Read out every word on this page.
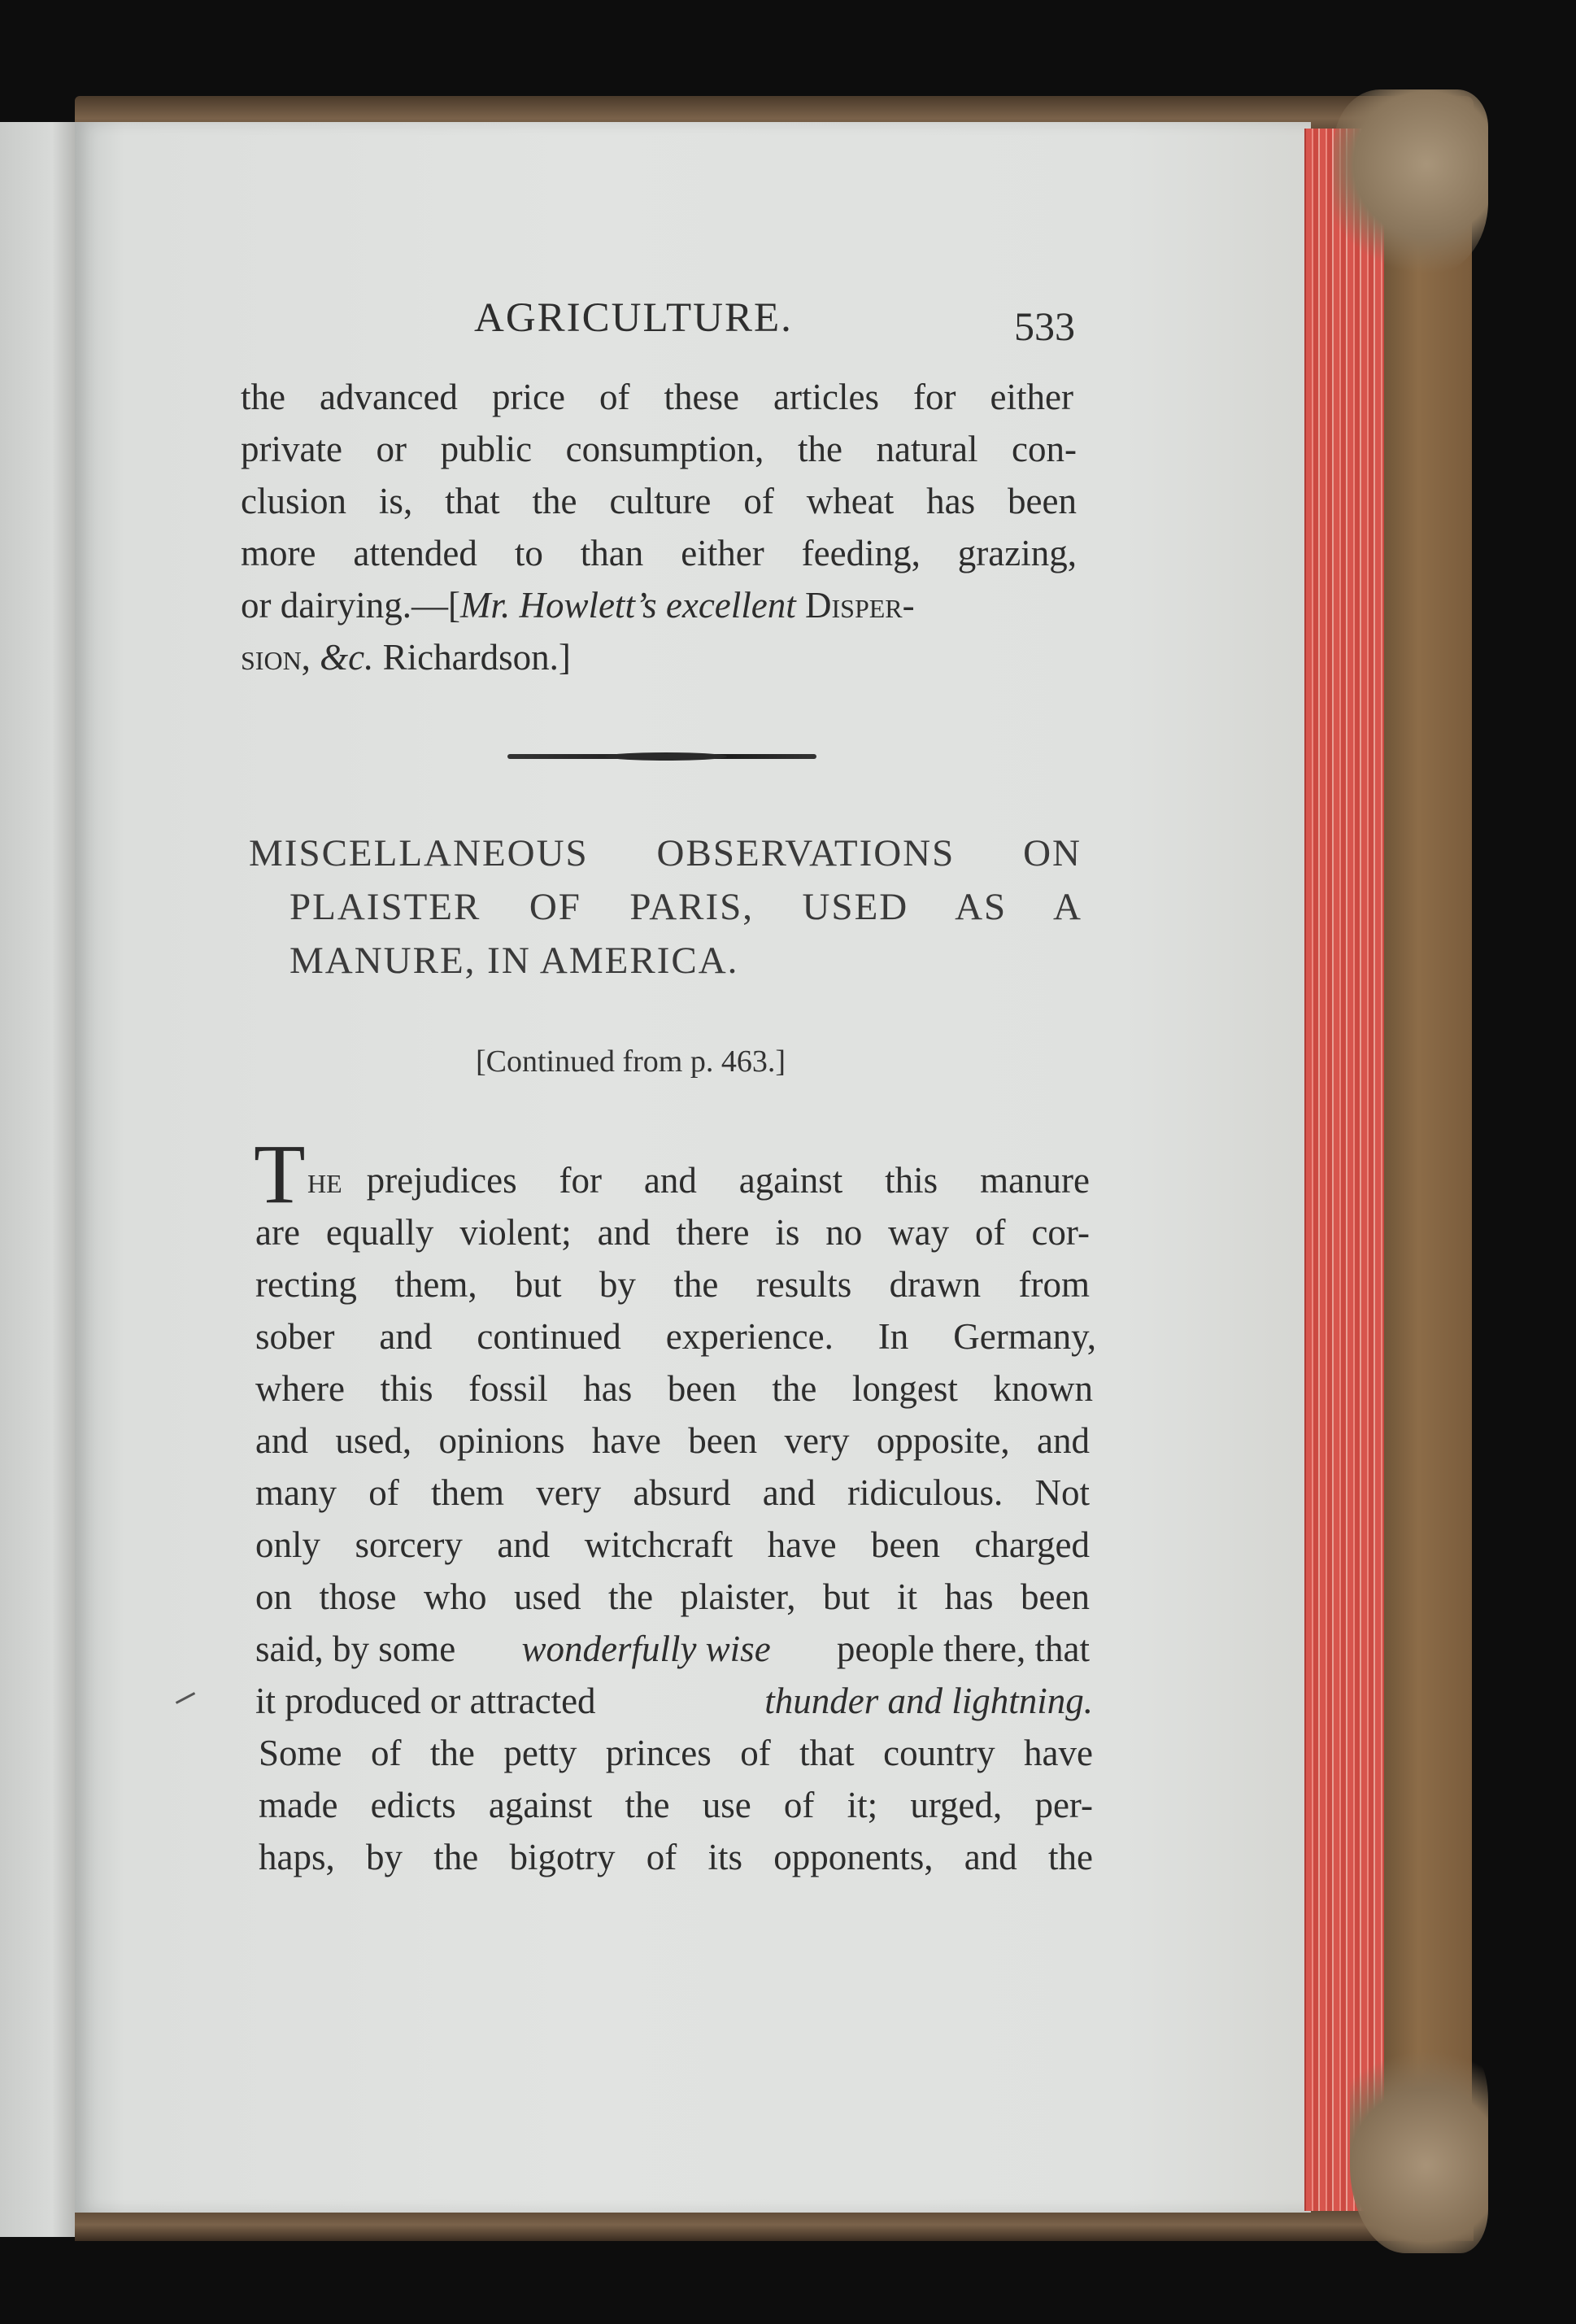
AGRICULTURE.	533
the advanced price of these articles for either
private or public consumption, the natural con-
clusion is, that the culture of wheat has been
more attended to than either feeding, grazing,
or dairying.—[Mr. Howlett’s excellent Disper-
sion, &c. Richardson.]
MISCELLANEOUS OBSERVATIONS ON
PLAISTER OF PARIS, USED AS A
MANURE, IN AMERICA.
[Continued from p. 463.]
T he prejudices for and against this manure
are equally violent; and there is no way of cor-
recting them, but by the results drawn from
sober and continued experience. In Germany,
where this fossil has been the longest known
and used, opinions have been very opposite, and
many of them very absurd and ridiculous. Not
only sorcery and witchcraft have been charged
on those who used the plaister, but it has been
said, by some wonderfully wise people there, that
it produced or attracted	thunder and lightning.
Some of the petty princes of that country have
made edicts against the use of it; urged, per-
haps, by the bigotry of its opponents, and the
